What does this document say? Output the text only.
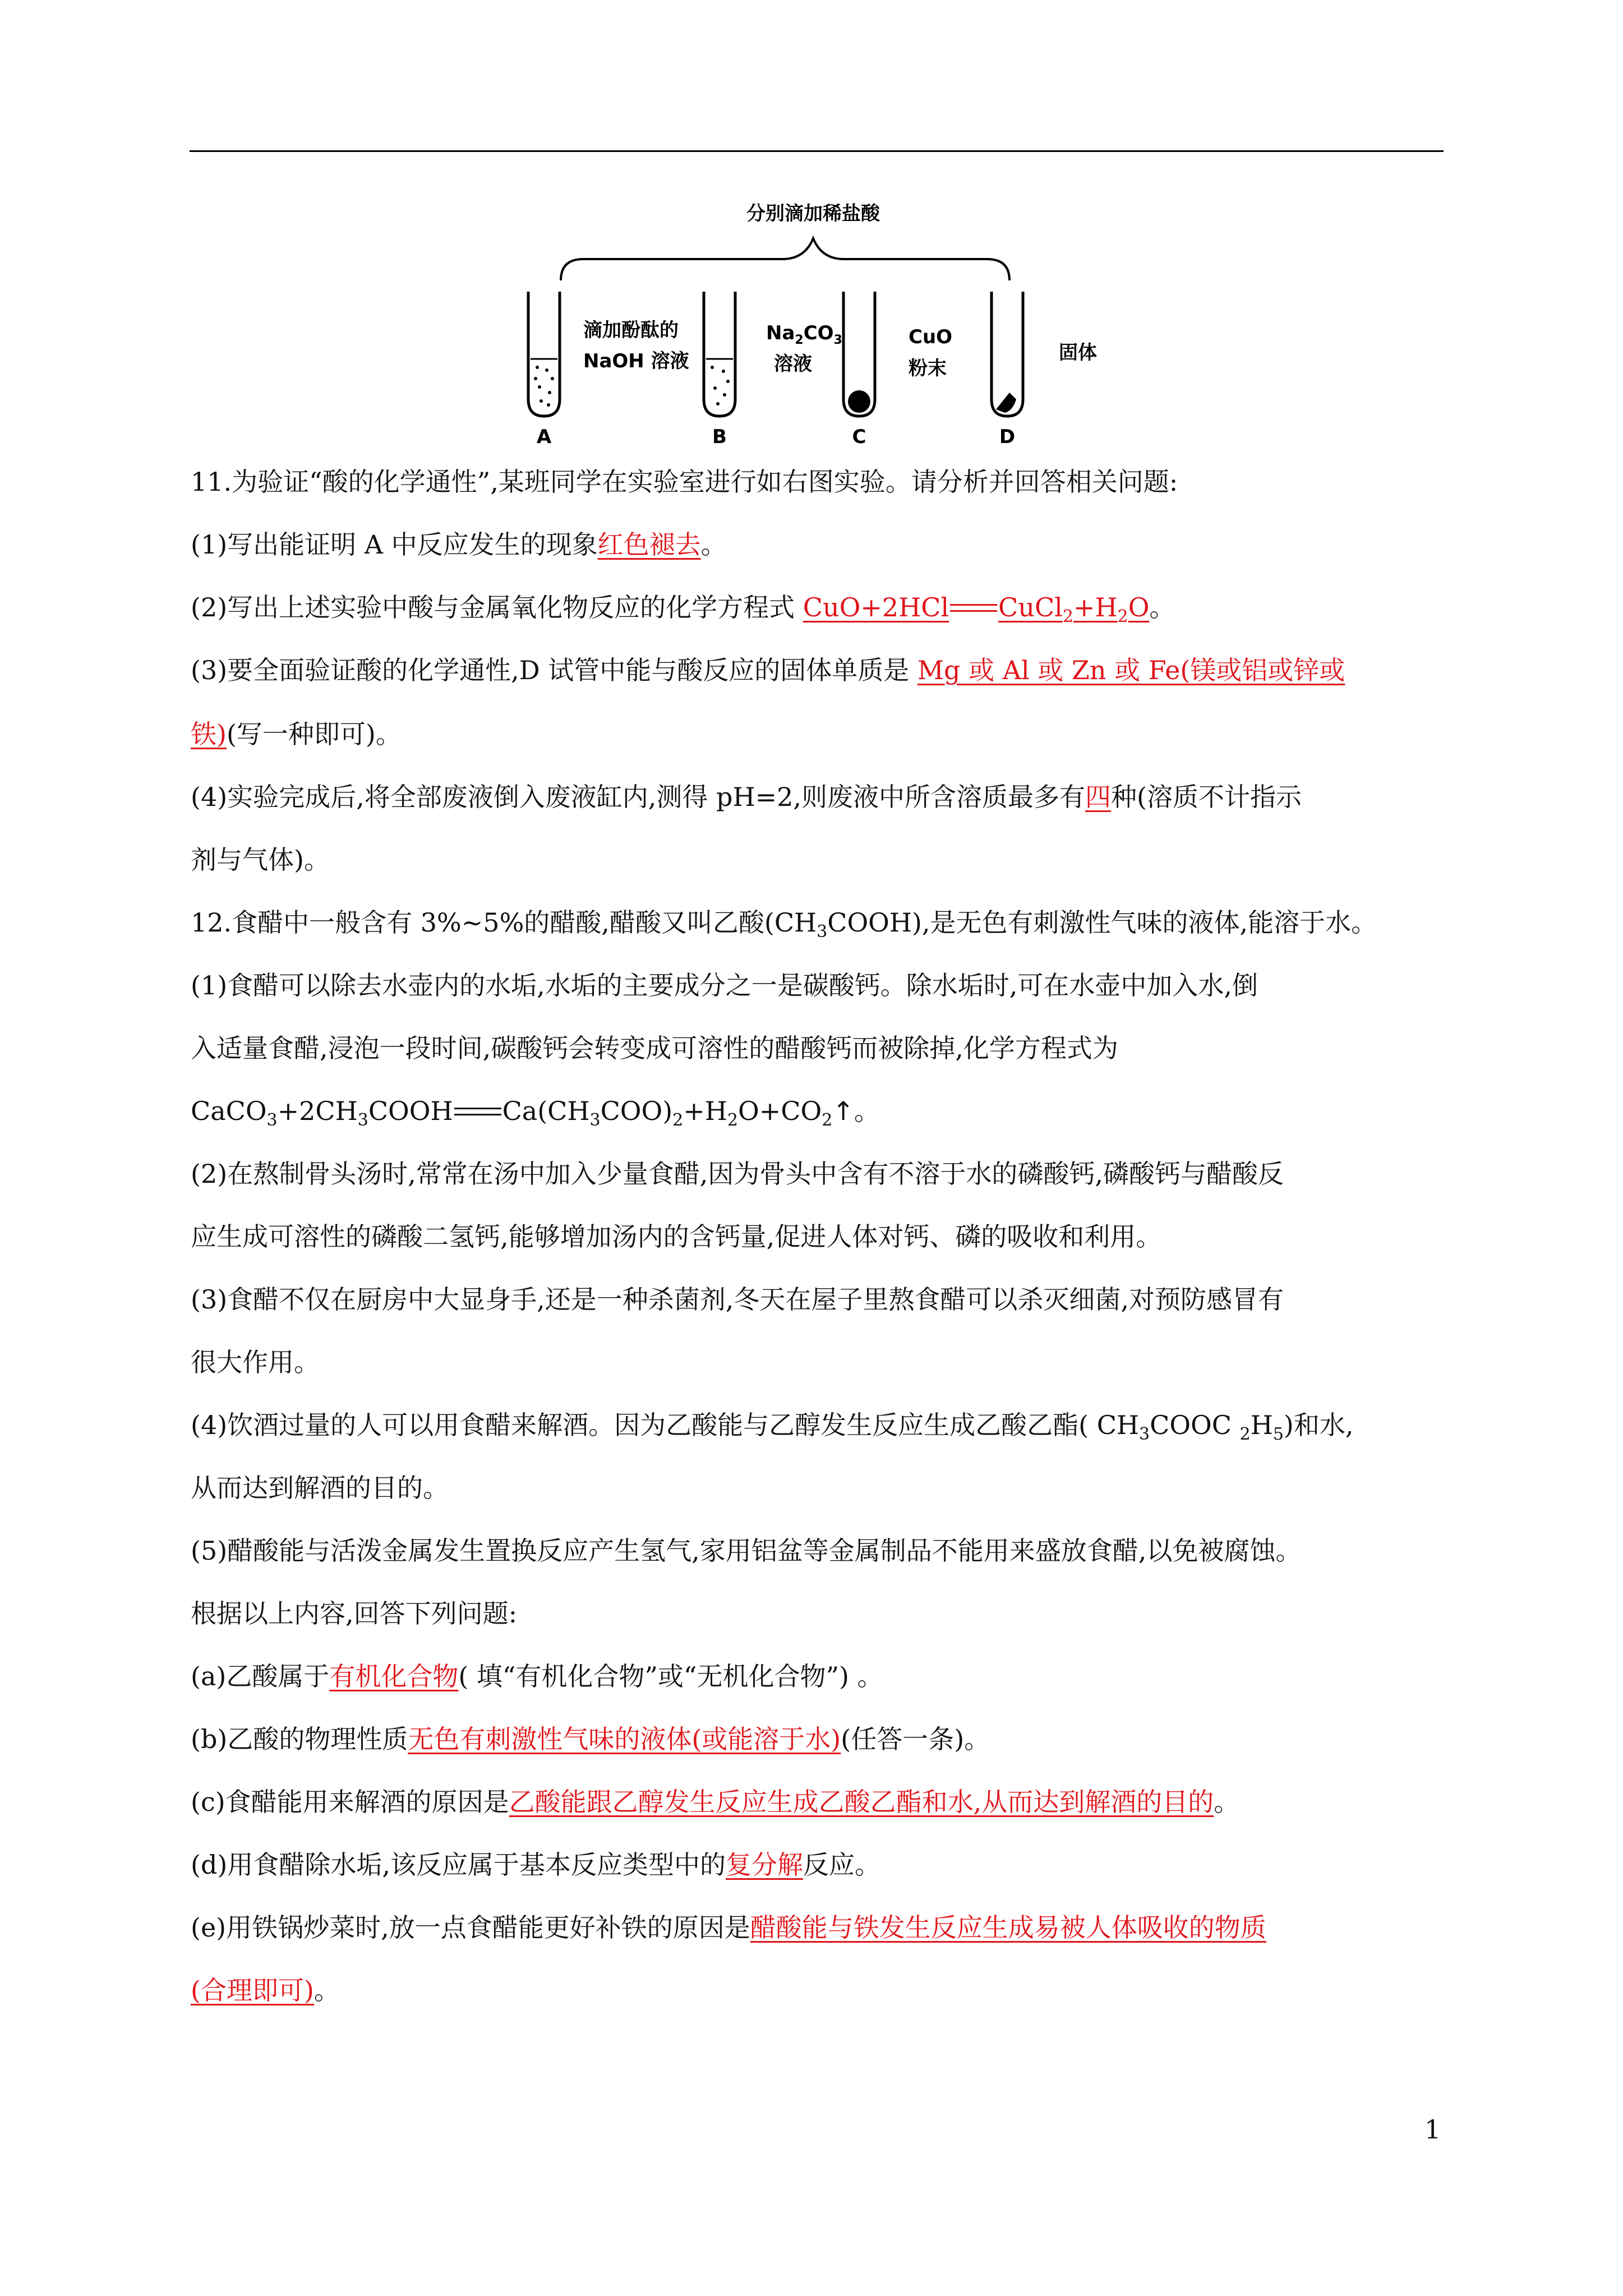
分别滴加稀盐酸
滴加酚酞的
NaOH 溶液
$Na_2CO_3$
溶液
CuO
粉末
固体
A	B	C	D
11.为验证“酸的化学通性”,某班同学在实验室进行如右图实验。请分析并回答相关问题:
(1)写出能证明 A 中反应发生的现象红色褪去。
(2)写出上述实验中酸与金属氧化物反应的化学方程式 CuO+2HCl $CuCl_2+H_2O$。
(3)要全面验证酸的化学通性,D 试管中能与酸反应的固体单质是 Mg 或 Al 或 Zn 或 Fe(镁或铝或锌或
铁)(写一种即可)。
(4)实验完成后,将全部废液倒入废液缸内,测得 pH=2,则废液中所含溶质最多有四种(溶质不计指示
剂与气体)。
12.食醋中一般含有 3%~5%的醋酸,醋酸又叫乙酸$(CH_3COOH)$,是无色有刺激性气味的液体,能溶于水。
(1)食醋可以除去水壶内的水垢,水垢的主要成分之一是碳酸钙。除水垢时,可在水壶中加入水,倒
入适量食醋,浸泡一段时间,碳酸钙会转变成可溶性的醋酸钙而被除掉,化学方程式为
$CaCO_3+2CH_3COOH$ $Ca(CH_3COO)_2+H_2O+CO_2↑$。
(2)在熬制骨头汤时,常常在汤中加入少量食醋,因为骨头中含有不溶于水的磷酸钙,磷酸钙与醋酸反
应生成可溶性的磷酸二氢钙,能够增加汤内的含钙量,促进人体对钙、磷的吸收和利用。
(3)食醋不仅在厨房中大显身手,还是一种杀菌剂,冬天在屋子里熬食醋可以杀灭细菌,对预防感冒有
很大作用。
(4)饮酒过量的人可以用食醋来解酒。因为乙酸能与乙醇发生反应生成乙酸乙酯( $CH_3COOC$ $_2H_5$)和水,
从而达到解酒的目的。
(5)醋酸能与活泼金属发生置换反应产生氢气,家用铝盆等金属制品不能用来盛放食醋,以免被腐蚀。
根据以上内容,回答下列问题:
(a)乙酸属于有机化合物( 填“有机化合物”或“无机化合物”) 。
(b)乙酸的物理性质无色有刺激性气味的液体(或能溶于水)(任答一条)。
(c)食醋能用来解酒的原因是乙酸能跟乙醇发生反应生成乙酸乙酯和水,从而达到解酒的目的。
(d)用食醋除水垢,该反应属于基本反应类型中的复分解反应。
(e)用铁锅炒菜时,放一点食醋能更好补铁的原因是醋酸能与铁发生反应生成易被人体吸收的物质
(合理即可)。
1
